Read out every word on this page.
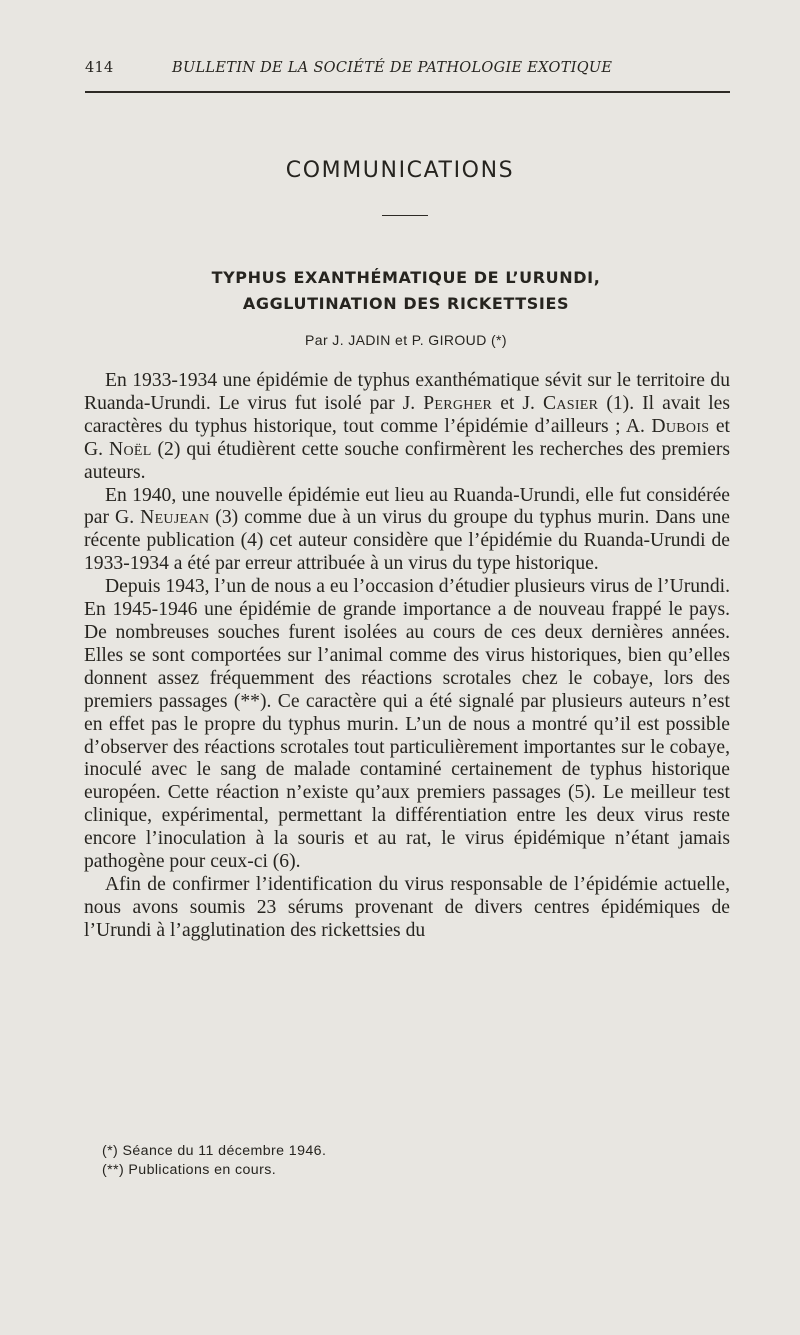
414	BULLETIN DE LA SOCIÉTÉ DE PATHOLOGIE EXOTIQUE
COMMUNICATIONS
TYPHUS EXANTHÉMATIQUE DE L’URUNDI,
AGGLUTINATION DES RICKETTSIES
Par J. JADIN et P. GIROUD (*)

En 1933-1934 une épidémie de typhus exanthématique sévit sur le territoire du Ruanda-Urundi. Le virus fut isolé par J. Pergher et J. Casier (1). Il avait les caractères du typhus historique, tout comme l’épidémie d’ailleurs ; A. Dubois et G. Noël (2) qui étudièrent cette souche confirmèrent les recherches des premiers auteurs.

En 1940, une nouvelle épidémie eut lieu au Ruanda-Urundi, elle fut considérée par G. Neujean (3) comme due à un virus du groupe du typhus murin. Dans une récente publication (4) cet auteur considère que l’épidémie du Ruanda-Urundi de 1933-1934 a été par erreur attribuée à un virus du type historique.

Depuis 1943, l’un de nous a eu l’occasion d’étudier plusieurs virus de l’Urundi. En 1945-1946 une épidémie de grande importance a de nouveau frappé le pays. De nombreuses souches furent isolées au cours de ces deux dernières années. Elles se sont comportées sur l’animal comme des virus historiques, bien qu’elles donnent assez fréquemment des réactions scrotales chez le cobaye, lors des premiers passages (**). Ce caractère qui a été signalé par plusieurs auteurs n’est en effet pas le propre du typhus murin. L’un de nous a montré qu’il est possible d’observer des réactions scrotales tout particulièrement importantes sur le cobaye, inoculé avec le sang de malade contaminé certainement de typhus historique européen. Cette réaction n’existe qu’aux premiers passages (5). Le meilleur test clinique, expérimental, permettant la différentiation entre les deux virus reste encore l’inoculation à la souris et au rat, le virus épidémique n’étant jamais pathogène pour ceux-ci (6).

Afin de confirmer l’identification du virus responsable de l’épidémie actuelle, nous avons soumis 23 sérums provenant de divers centres épidémiques de l’Urundi à l’agglutination des rickettsies du

(*) Séance du 11 décembre 1946.
(**) Publications en cours.
